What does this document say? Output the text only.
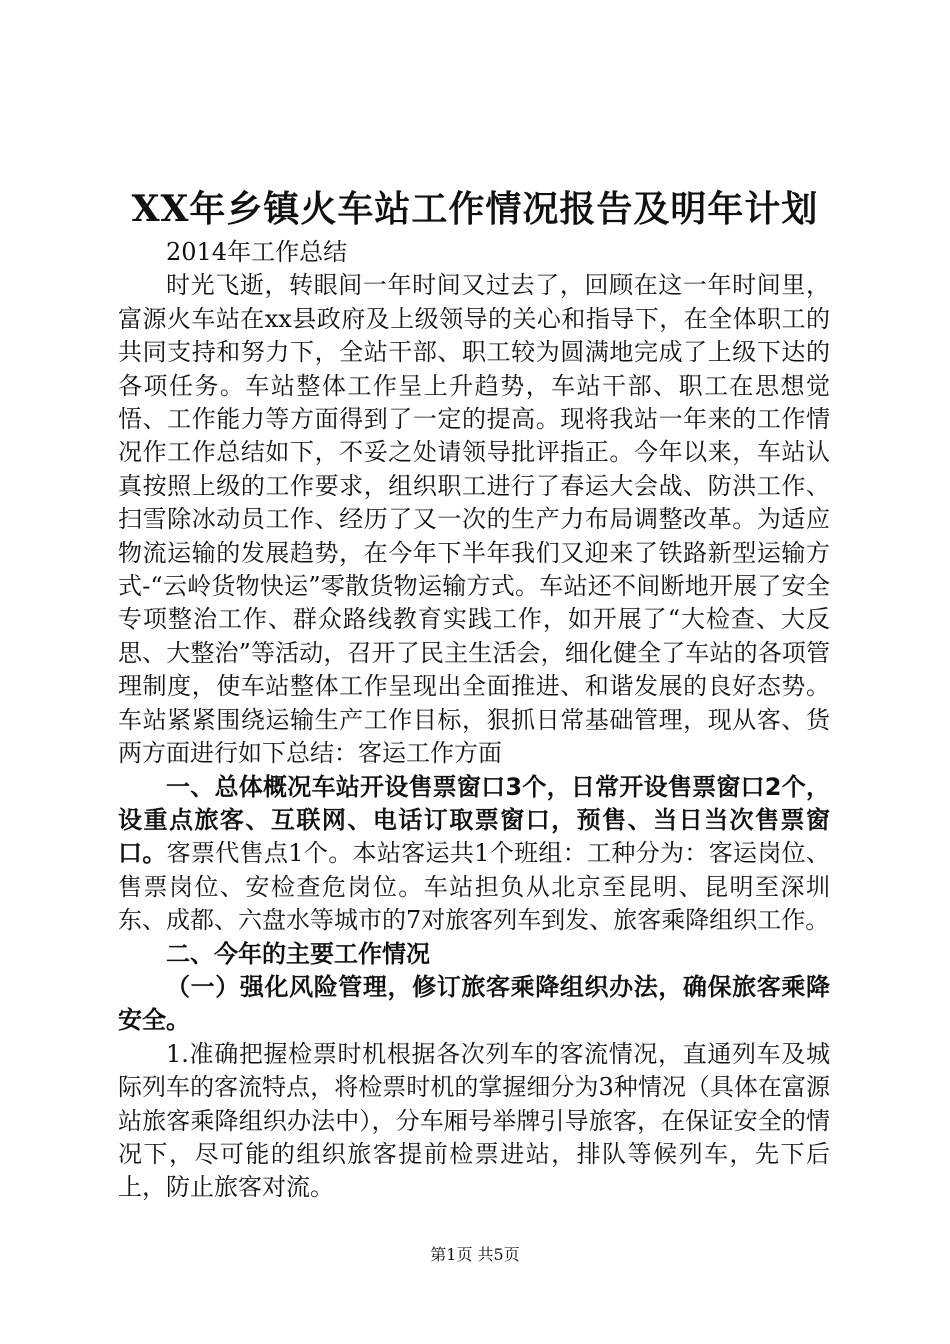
XX年乡镇火车站工作情况报告及明年计划

2014年工作总结

时光飞逝，转眼间一年时间又过去了，回顾在这一年时间里，富源火车站在xx县政府及上级领导的关心和指导下，在全体职工的共同支持和努力下，全站干部、职工较为圆满地完成了上级下达的各项任务。车站整体工作呈上升趋势，车站干部、职工在思想觉悟、工作能力等方面得到了一定的提高。现将我站一年来的工作情况作工作总结如下，不妥之处请领导批评指正。今年以来，车站认真按照上级的工作要求，组织职工进行了春运大会战、防洪工作、扫雪除冰动员工作、经历了又一次的生产力布局调整改革。为适应物流运输的发展趋势，在今年下半年我们又迎来了铁路新型运输方式-“云岭货物快运”零散货物运输方式。车站还不间断地开展了安全专项整治工作、群众路线教育实践工作，如开展了“大检查、大反思、大整治”等活动，召开了民主生活会，细化健全了车站的各项管理制度，使车站整体工作呈现出全面推进、和谐发展的良好态势。车站紧紧围绕运输生产工作目标，狠抓日常基础管理，现从客、货两方面进行如下总结：客运工作方面

一、总体概况车站开设售票窗口3个，日常开设售票窗口2个，设重点旅客、互联网、电话订取票窗口，预售、当日当次售票窗口。客票代售点1个。本站客运共1个班组：工种分为：客运岗位、售票岗位、安检查危岗位。车站担负从北京至昆明、昆明至深圳东、成都、六盘水等城市的7对旅客列车到发、旅客乘降组织工作。

二、今年的主要工作情况

（一）强化风险管理，修订旅客乘降组织办法，确保旅客乘降安全。

1.准确把握检票时机根据各次列车的客流情况，直通列车及城际列车的客流特点，将检票时机的掌握细分为3种情况（具体在富源站旅客乘降组织办法中），分车厢号举牌引导旅客，在保证安全的情况下，尽可能的组织旅客提前检票进站，排队等候列车，先下后上，防止旅客对流。

第1页 共5页
